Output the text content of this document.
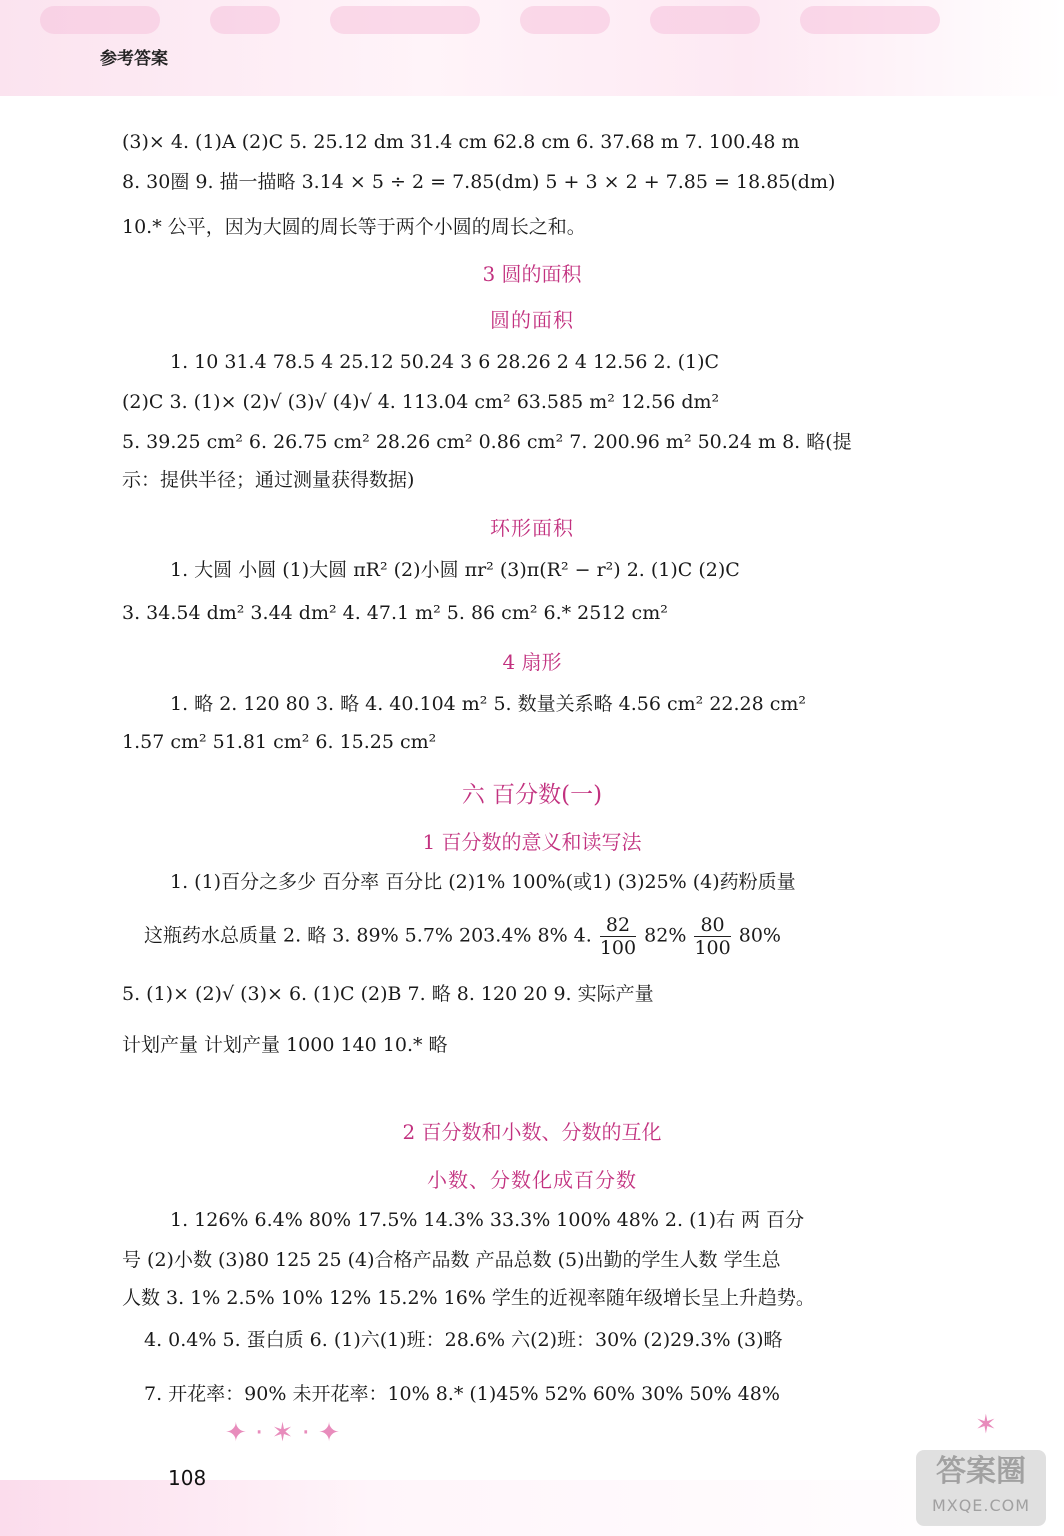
参考答案
(3)× 4. (1)A (2)C 5. 25.12 dm 31.4 cm 62.8 cm 6. 37.68 m 7. 100.48 m
8. 30圈 9. 描一描略 3.14 × 5 ÷ 2 = 7.85(dm) 5 + 3 × 2 + 7.85 = 18.85(dm)
10.* 公平，因为大圆的周长等于两个小圆的周长之和。
3 圆的面积
圆的面积
1. 10 31.4 78.5 4 25.12 50.24 3 6 28.26 2 4 12.56 2. (1)C
(2)C 3. (1)× (2)√ (3)√ (4)√ 4. 113.04 cm² 63.585 m² 12.56 dm²
5. 39.25 cm² 6. 26.75 cm² 28.26 cm² 0.86 cm² 7. 200.96 m² 50.24 m 8. 略(提
示：提供半径；通过测量获得数据)
环形面积
1. 大圆 小圆 (1)大圆 πR² (2)小圆 πr² (3)π(R² − r²) 2. (1)C (2)C
3. 34.54 dm² 3.44 dm² 4. 47.1 m² 5. 86 cm² 6.* 2512 cm²
4 扇形
1. 略 2. 120 80 3. 略 4. 40.104 m² 5. 数量关系略 4.56 cm² 22.28 cm²
1.57 cm² 51.81 cm² 6. 15.25 cm²
六 百分数(一)
1 百分数的意义和读写法
1. (1)百分之多少 百分率 百分比 (2)1% 100%(或1) (3)25% (4)药粉质量
这瓶药水总质量 2. 略 3. 89% 5.7% 203.4% 8% 4. $\frac{82}{100} 82\% \frac{80}{100} 80\%$
5. (1)× (2)√ (3)× 6. (1)C (2)B 7. 略 8. 120 20 9. 实际产量
计划产量 计划产量 1000 140 10.* 略
2 百分数和小数、分数的互化
小数、分数化成百分数
1. 126% 6.4% 80% 17.5% 14.3% 33.3% 100% 48% 2. (1)右 两 百分
号 (2)小数 (3)80 125 25 (4)合格产品数 产品总数 (5)出勤的学生人数 学生总
人数 3. 1% 2.5% 10% 12% 15.2% 16% 学生的近视率随年级增长呈上升趋势。
4. 0.4% 5. 蛋白质 6. (1)六(1)班：28.6% 六(2)班：30% (2)29.3% (3)略
7. 开花率：90% 未开花率：10% 8.* (1)45% 52% 60% 30% 50% 48%
✦ · ✶ · ✦	✶
108	答案圈
MXQE.COM
